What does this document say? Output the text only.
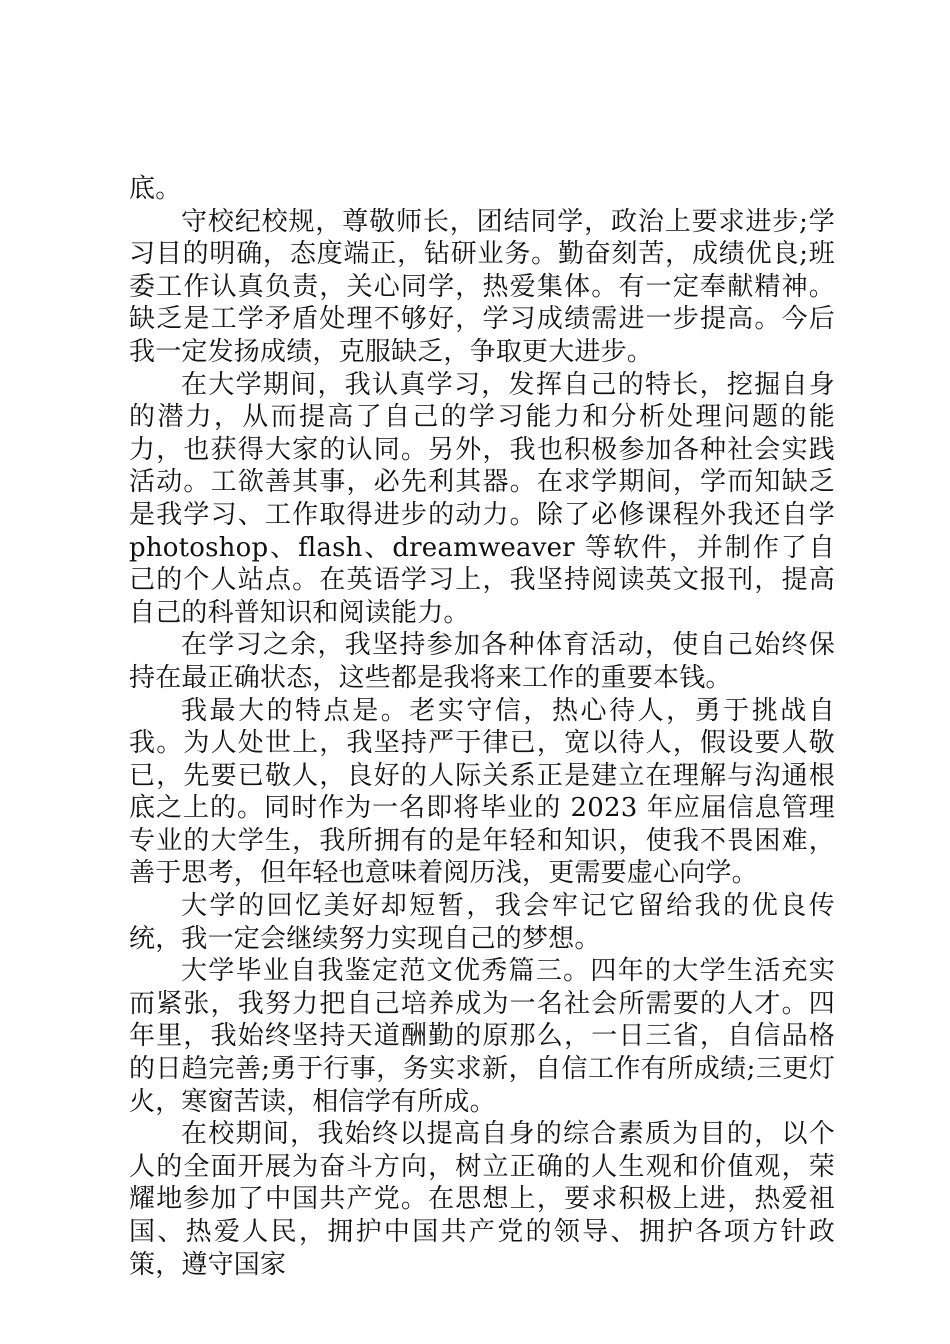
底。

守校纪校规，尊敬师长，团结同学，政治上要求进步;学习目的明确，态度端正，钻研业务。勤奋刻苦，成绩优良;班委工作认真负责，关心同学，热爱集体。有一定奉献精神。缺乏是工学矛盾处理不够好，学习成绩需进一步提高。今后我一定发扬成绩，克服缺乏，争取更大进步。

在大学期间，我认真学习，发挥自己的特长，挖掘自身的潜力，从而提高了自己的学习能力和分析处理问题的能力，也获得大家的认同。另外，我也积极参加各种社会实践活动。工欲善其事，必先利其器。在求学期间，学而知缺乏是我学习、工作取得进步的动力。除了必修课程外我还自学 photoshop、flash、dreamweaver 等软件，并制作了自己的个人站点。在英语学习上，我坚持阅读英文报刊，提高自己的科普知识和阅读能力。

在学习之余，我坚持参加各种体育活动，使自己始终保持在最正确状态，这些都是我将来工作的重要本钱。

我最大的特点是。老实守信，热心待人，勇于挑战自我。为人处世上，我坚持严于律已，宽以待人，假设要人敬已，先要已敬人，良好的人际关系正是建立在理解与沟通根底之上的。同时作为一名即将毕业的 2023 年应届信息管理专业的大学生，我所拥有的是年轻和知识，使我不畏困难，善于思考，但年轻也意味着阅历浅，更需要虚心向学。

大学的回忆美好却短暂，我会牢记它留给我的优良传统，我一定会继续努力实现自己的梦想。

大学毕业自我鉴定范文优秀篇三。四年的大学生活充实而紧张，我努力把自己培养成为一名社会所需要的人才。四年里，我始终坚持天道酬勤的原那么，一日三省，自信品格的日趋完善;勇于行事，务实求新，自信工作有所成绩;三更灯火，寒窗苦读，相信学有所成。

在校期间，我始终以提高自身的综合素质为目的，以个人的全面开展为奋斗方向，树立正确的人生观和价值观，荣耀地参加了中国共产党。在思想上，要求积极上进，热爱祖国、热爱人民，拥护中国共产党的领导、拥护各项方针政策，遵守国家
